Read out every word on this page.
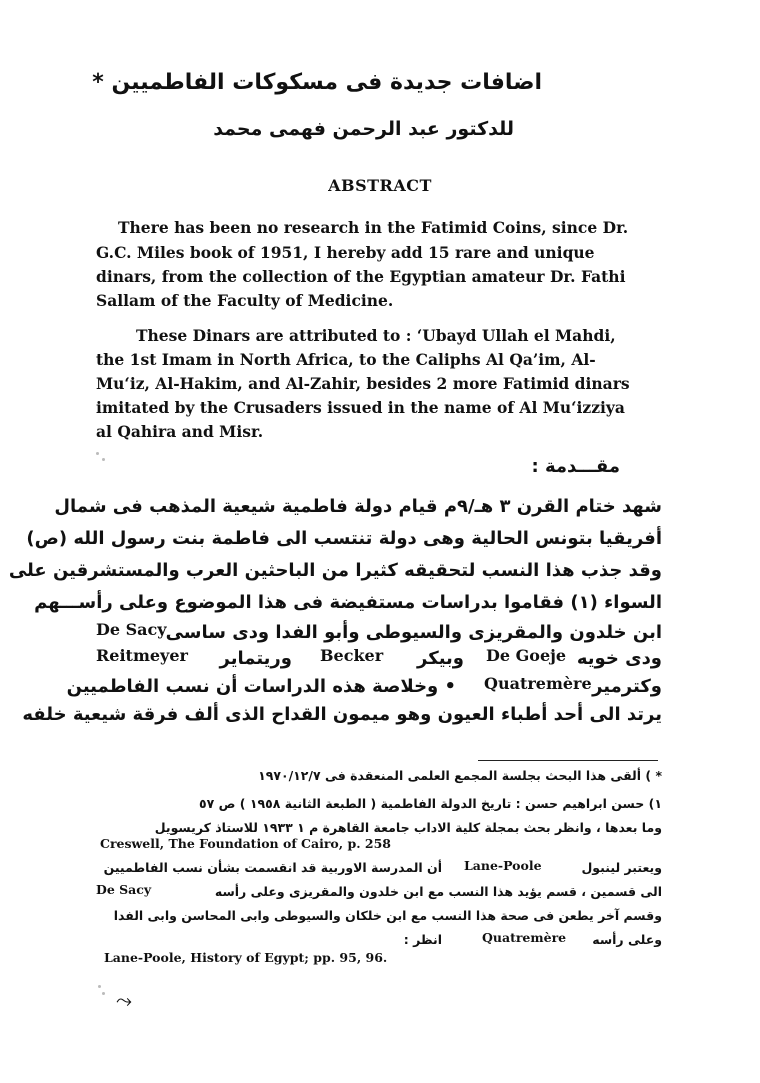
اضافات جديدة فى مسكوكات الفاطميين *
للدكتور عبد الرحمن فهمى محمد
ABSTRACT
There has been no research in the Fatimid Coins, since Dr.
G.C. Miles book of 1951, I hereby add 15 rare and unique
dinars, from the collection of the Egyptian amateur Dr. Fathi
Sallam of the Faculty of Medicine.
These Dinars are attributed to : ‘Ubayd Ullah el Mahdi,
the 1st Imam in North Africa, to the Caliphs Al Qa’im, Al-
Mu‘iz, Al-Hakim, and Al-Zahir, besides 2 more Fatimid dinars
imitated by the Crusaders issued in the name of Al Mu‘izziya
al Qahira and Misr.
مقـــدمة :
شهد ختام القرن ٣ هـ/٩م قيام دولة فاطمية شيعية المذهب فى شمال
أفريقيا بتونس الحالية وهى دولة تنتسب الى فاطمة بنت رسول الله (ص)
وقد جذب هذا النسب لتحقيقه كثيرا من الباحثين العرب والمستشرقين على
السواء (١) فقاموا بدراسات مستفيضة فى هذا الموضوع وعلى رأســـهم
ابن خلدون والمقريزى والسيوطى وأبو الفدا ودى ساسى
De Sacy
ودى خويه
De Goeje
وبيكر
Becker
وريتماير
Reitmeyer
وكترمير
Quatremère
• وخلاصة هذه الدراسات أن نسب الفاطميين
يرتد الى أحد أطباء العيون وهو ميمون القداح الذى ألف فرقة شيعية خلفه
* ) ألقى هذا البحث بجلسة المجمع العلمى المنعقدة فى ١٩٧٠/١٢/٧
١) حسن ابراهيم حسن : تاريخ الدولة الفاطمية ( الطبعة الثانية ١٩٥٨ ) ص ٥٧
وما بعدها ، وانظر بحث بمجلة كلية الاداب جامعة القاهرة م ١ ١٩٣٣ للاستاذ كريسويل
Creswell, The Foundation of Cairo, p. 258
ويعتبر لينبول
Lane-Poole
أن المدرسة الاوربية قد انقسمت بشأن نسب الفاطميين
الى قسمين ، قسم يؤيد هذا النسب مع ابن خلدون والمقريزى وعلى رأسه
De Sacy
وقسم آخر يطعن فى صحة هذا النسب مع ابن خلكان والسيوطى وابى المحاسن وابى الفدا
وعلى رأسه
Quatremère
انظر :
Lane-Poole, History of Egypt; pp. 95, 96.
⤳
